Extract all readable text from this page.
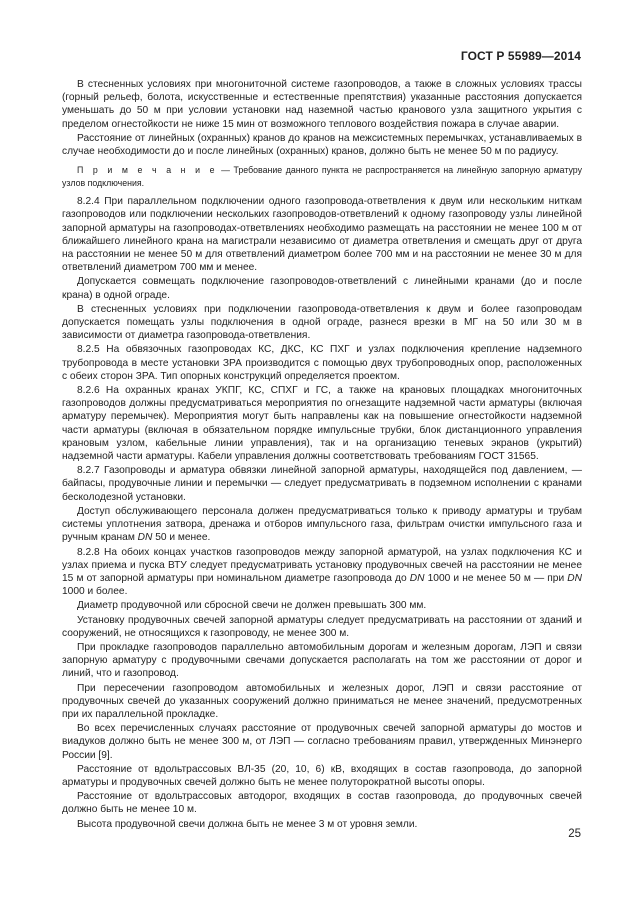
ГОСТ Р 55989—2014

В стесненных условиях при многониточной системе газопроводов, а также в сложных условиях трассы (горный рельеф, болота, искусственные и естественные препятствия) указанные расстояния допускается уменьшать до 50 м при условии установки над наземной частью кранового узла защитного укрытия с пределом огнестойкости не ниже 15 мин от возможного теплового воздействия пожара в случае аварии.

Расстояние от линейных (охранных) кранов до кранов на межсистемных перемычках, устанавливаемых в случае необходимости до и после линейных (охранных) кранов, должно быть не менее 50 м по радиусу.

П р и м е ч а н и е — Требование данного пункта не распространяется на линейную запорную арматуру узлов подключения.

8.2.4 При параллельном подключении одного газопровода-ответвления к двум или нескольким ниткам газопроводов или подключении нескольких газопроводов-ответвлений к одному газопроводу узлы линейной запорной арматуры на газопроводах-ответвлениях необходимо размещать на расстоянии не менее 100 м от ближайшего линейного крана на магистрали независимо от диаметра ответвления и смещать друг от друга на расстоянии не менее 50 м для ответвлений диаметром более 700 мм и на расстоянии не менее 30 м для ответвлений диаметром 700 мм и менее.

Допускается совмещать подключение газопроводов-ответвлений с линейными кранами (до и после крана) в одной ограде.

В стесненных условиях при подключении газопровода-ответвления к двум и более газопроводам допускается помещать узлы подключения в одной ограде, разнеся врезки в МГ на 50 или 30 м в зависимости от диаметра газопровода-ответвления.

8.2.5 На обвязочных газопроводах КС, ДКС, КС ПХГ и узлах подключения крепление надземного трубопровода в месте установки ЗРА производится с помощью двух трубопроводных опор, расположенных с обеих сторон ЗРА. Тип опорных конструкций определяется проектом.

8.2.6 На охранных кранах УКПГ, КС, СПХГ и ГС, а также на крановых площадках многониточных газопроводов должны предусматриваться мероприятия по огнезащите надземной части арматуры (включая арматуру перемычек). Мероприятия могут быть направлены как на повышение огнестойкости надземной части арматуры (включая в обязательном порядке импульсные трубки, блок дистанционного управления крановым узлом, кабельные линии управления), так и на организацию теневых экранов (укрытий) надземной части арматуры. Кабели управления должны соответствовать требованиям ГОСТ 31565.

8.2.7 Газопроводы и арматура обвязки линейной запорной арматуры, находящейся под давлением, — байпасы, продувочные линии и перемычки — следует предусматривать в подземном исполнении с кранами бесколодезной установки.

Доступ обслуживающего персонала должен предусматриваться только к приводу арматуры и трубам системы уплотнения затвора, дренажа и отборов импульсного газа, фильтрам очистки импульсного газа и ручным кранам DN 50 и менее.

8.2.8 На обоих концах участков газопроводов между запорной арматурой, на узлах подключения КС и узлах приема и пуска ВТУ следует предусматривать установку продувочных свечей на расстоянии не менее 15 м от запорной арматуры при номинальном диаметре газопровода до DN 1000 и не менее 50 м — при DN 1000 и более.

Диаметр продувочной или сбросной свечи не должен превышать 300 мм.

Установку продувочных свечей запорной арматуры следует предусматривать на расстоянии от зданий и сооружений, не относящихся к газопроводу, не менее 300 м.

При прокладке газопроводов параллельно автомобильным дорогам и железным дорогам, ЛЭП и связи запорную арматуру с продувочными свечами допускается располагать на том же расстоянии от дорог и линий, что и газопровод.

При пересечении газопроводом автомобильных и железных дорог, ЛЭП и связи расстояние от продувочных свечей до указанных сооружений должно приниматься не менее значений, предусмотренных при их параллельной прокладке.

Во всех перечисленных случаях расстояние от продувочных свечей запорной арматуры до мостов и виадуков должно быть не менее 300 м, от ЛЭП — согласно требованиям правил, утвержденных Минэнерго России [9].

Расстояние от вдольтрассовых ВЛ-35 (20, 10, 6) кВ, входящих в состав газопровода, до запорной арматуры и продувочных свечей должно быть не менее полуторократной высоты опоры.

Расстояние от вдольтрассовых автодорог, входящих в состав газопровода, до продувочных свечей должно быть не менее 10 м.

Высота продувочной свечи должна быть не менее 3 м от уровня земли.

25
